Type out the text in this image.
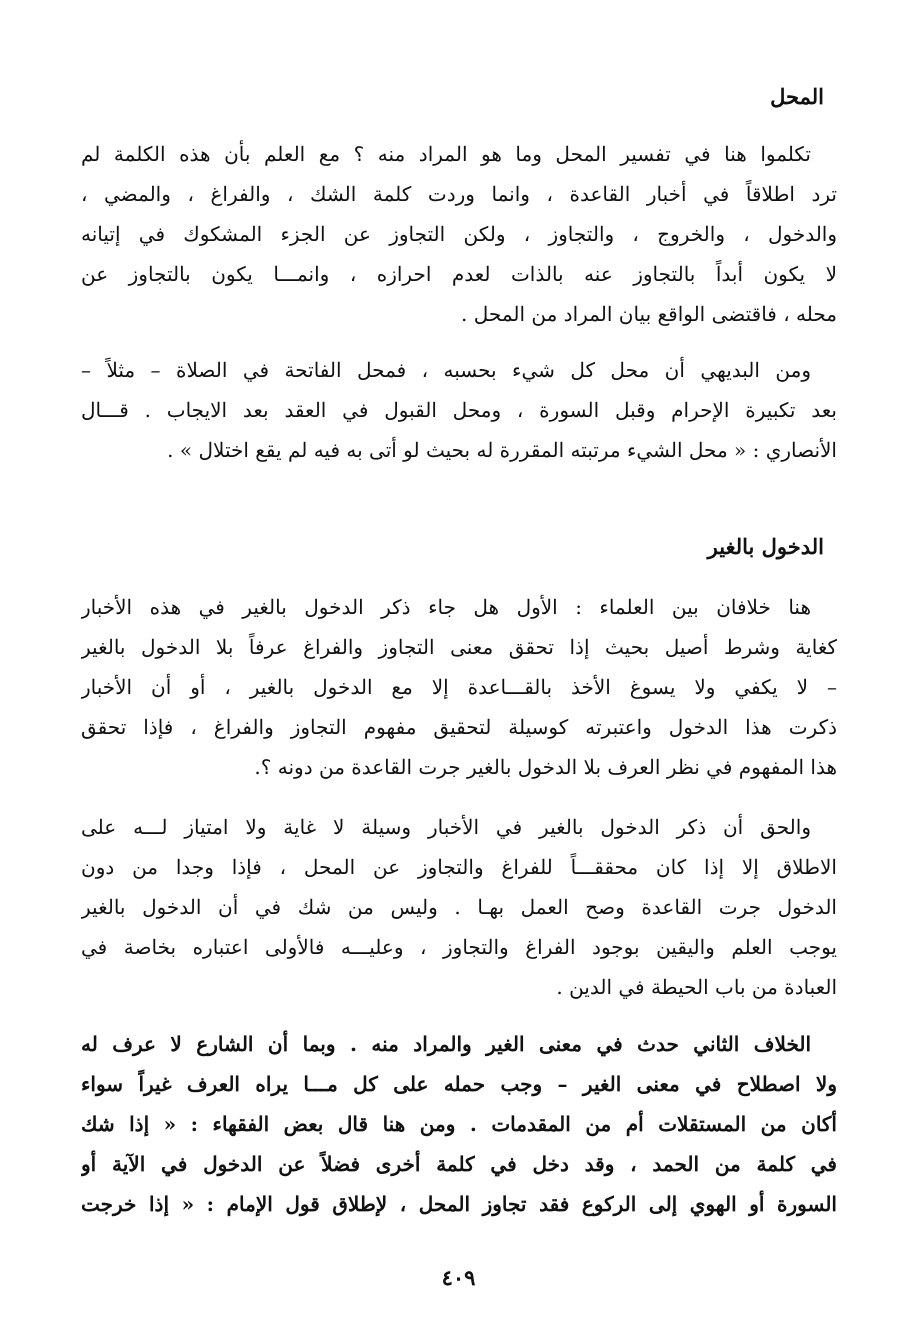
المحل
تكلموا هنا في تفسير المحل وما هو المراد منه ؟ مع العلم بأن هذه الكلمة لم
ترد اطلاقاً في أخبار القاعدة ، وانما وردت كلمة الشك ، والفراغ ، والمضي ،
والدخول ، والخروج ، والتجاوز ، ولكن التجاوز عن الجزء المشكوك في إتيانه
لا يكون أبداً بالتجاوز عنه بالذات لعدم احرازه ، وانمـــا يكون بالتجاوز عن
محله ، فاقتضى الواقع بيان المراد من المحل .
ومن البديهي أن محل كل شيء بحسبه ، فمحل الفاتحة في الصلاة – مثلاً –
بعد تكبيرة الإحرام وقبل السورة ، ومحل القبول في العقد بعد الايجاب . قـــال
الأنصاري : « محل الشيء مرتبته المقررة له بحيث لو أتى به فيه لم يقع اختلال » .
الدخول بالغير
هنا خلافان بين العلماء : الأول هل جاء ذكر الدخول بالغير في هذه الأخبار
كغاية وشرط أصيل بحيث إذا تحقق معنى التجاوز والفراغ عرفاً بلا الدخول بالغير
– لا يكفي ولا يسوغ الأخذ بالقـــاعدة إلا مع الدخول بالغير ، أو أن الأخبار
ذكرت هذا الدخول واعتبرته كوسيلة لتحقيق مفهوم التجاوز والفراغ ، فإذا تحقق
هذا المفهوم في نظر العرف بلا الدخول بالغير جرت القاعدة من دونه ؟.
والحق أن ذكر الدخول بالغير في الأخبار وسيلة لا غاية ولا امتياز لـــه على
الاطلاق إلا إذا كان محققـــاً للفراغ والتجاوز عن المحل ، فإذا وجدا من دون
الدخول جرت القاعدة وصح العمل بهـا . وليس من شك في أن الدخول بالغير
يوجب العلم واليقين بوجود الفراغ والتجاوز ، وعليـــه فالأولى اعتباره بخاصة في
العبادة من باب الحيطة في الدين .
الخلاف الثاني حدث في معنى الغير والمراد منه . وبما أن الشارع لا عرف له
ولا اصطلاح في معنى الغير – وجب حمله على كل مـــا يراه العرف غيراً سواء
أكان من المستقلات أم من المقدمات . ومن هنا قال بعض الفقهاء : « إذا شك
في كلمة من الحمد ، وقد دخل في كلمة أخرى فضلاً عن الدخول في الآية أو
السورة أو الهوي إلى الركوع فقد تجاوز المحل ، لإطلاق قول الإمام : « إذا خرجت
٤٠٩
